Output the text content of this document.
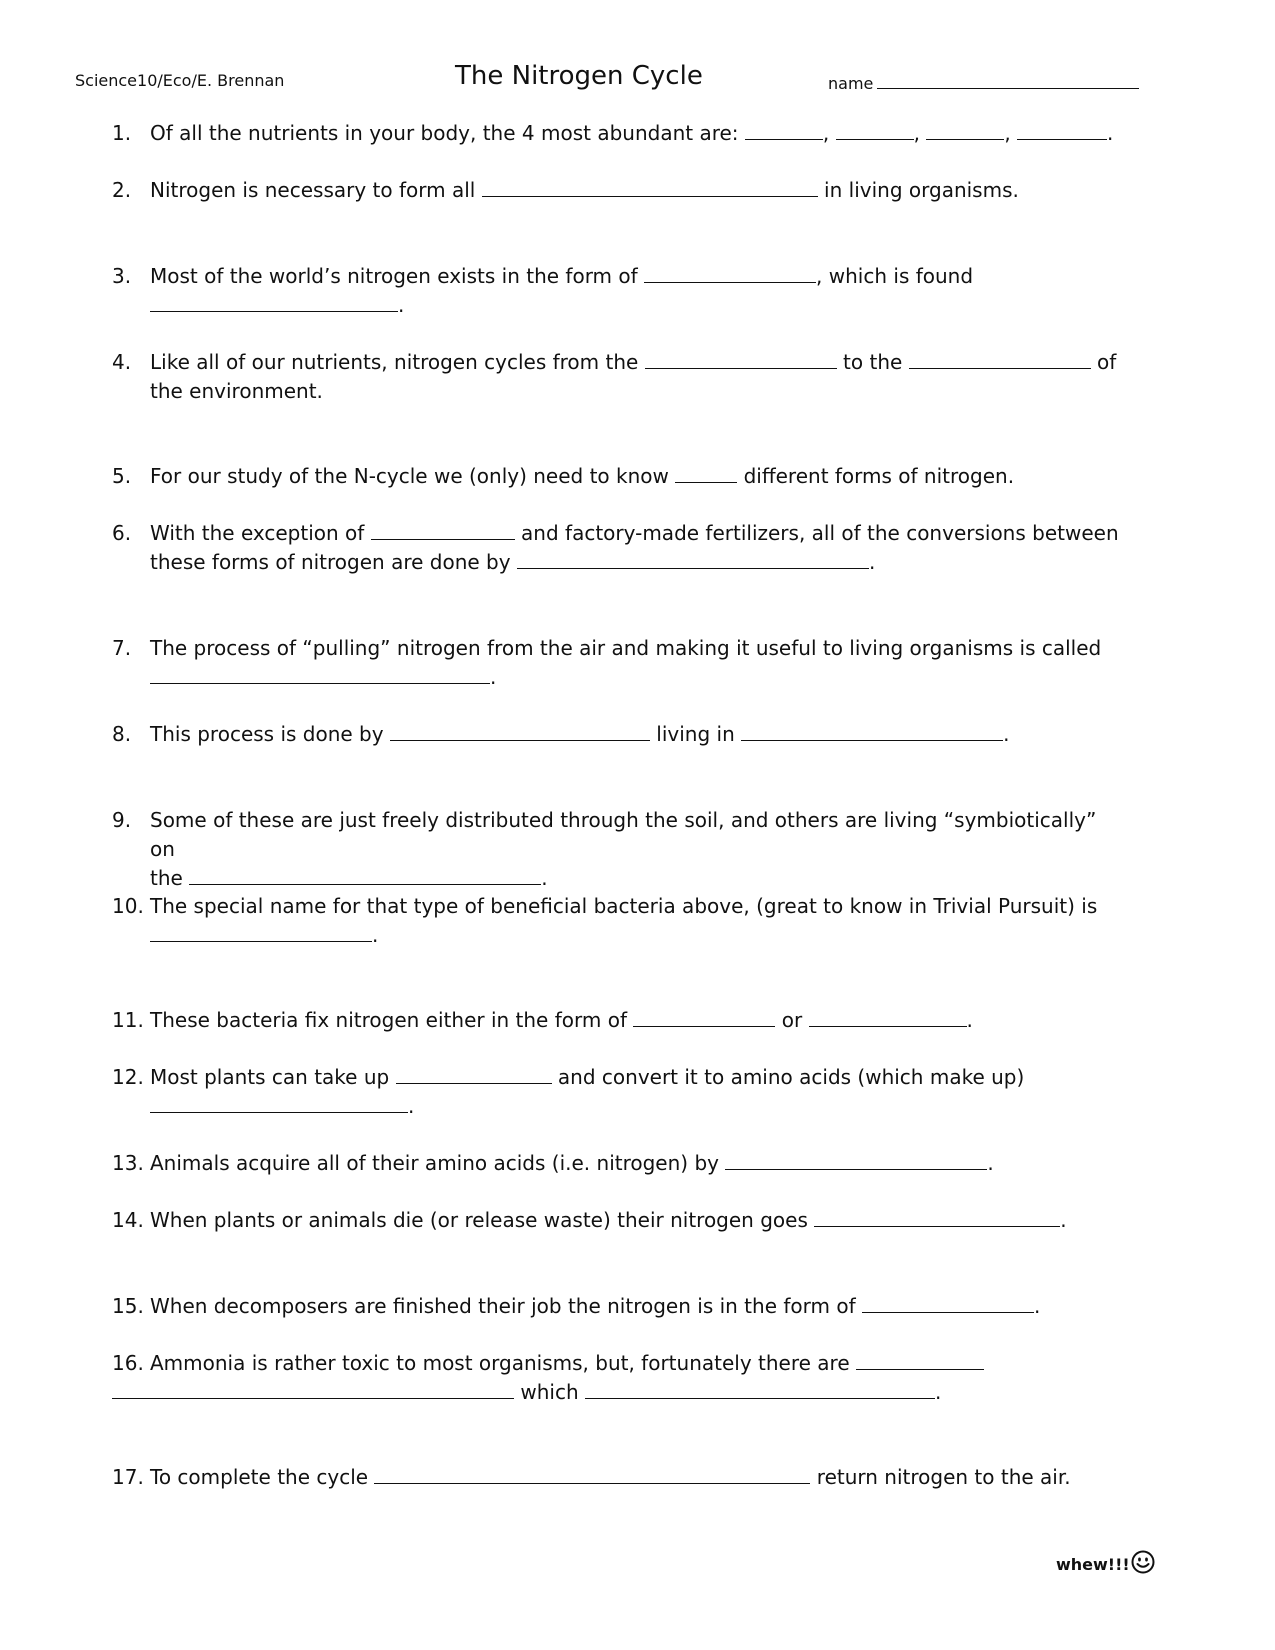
Science10/Eco/E. Brennan	The Nitrogen Cycle	name
1. Of all the nutrients in your body, the 4 most abundant are:	,	,	,	.
2. Nitrogen is necessary to form all	in living organisms.
3. Most of the world’s nitrogen exists in the form of	, which is found
.
4. Like all of our nutrients, nitrogen cycles from the	to the	of
the environment.
5. For our study of the N-cycle we (only) need to know	different forms of nitrogen.
6. With the exception of	and factory-made fertilizers, all of the conversions between
these forms of nitrogen are done by	.
7. The process of “pulling” nitrogen from the air and making it useful to living organisms is called
.
8. This process is done by	living in	.
9. Some of these are just freely distributed through the soil, and others are living “symbiotically” on
the	.
10. The special name for that type of beneficial bacteria above, (great to know in Trivial Pursuit) is
.
11. These bacteria fix nitrogen either in the form of	or	.
12. Most plants can take up	and convert it to amino acids (which make up)
.
13. Animals acquire all of their amino acids (i.e. nitrogen) by	.
14. When plants or animals die (or release waste) their nitrogen goes	.
15. When decomposers are finished their job the nitrogen is in the form of	.
16. Ammonia is rather toxic to most organisms, but, fortunately there are
which	.
17. To complete the cycle	return nitrogen to the air.
whew!!!
